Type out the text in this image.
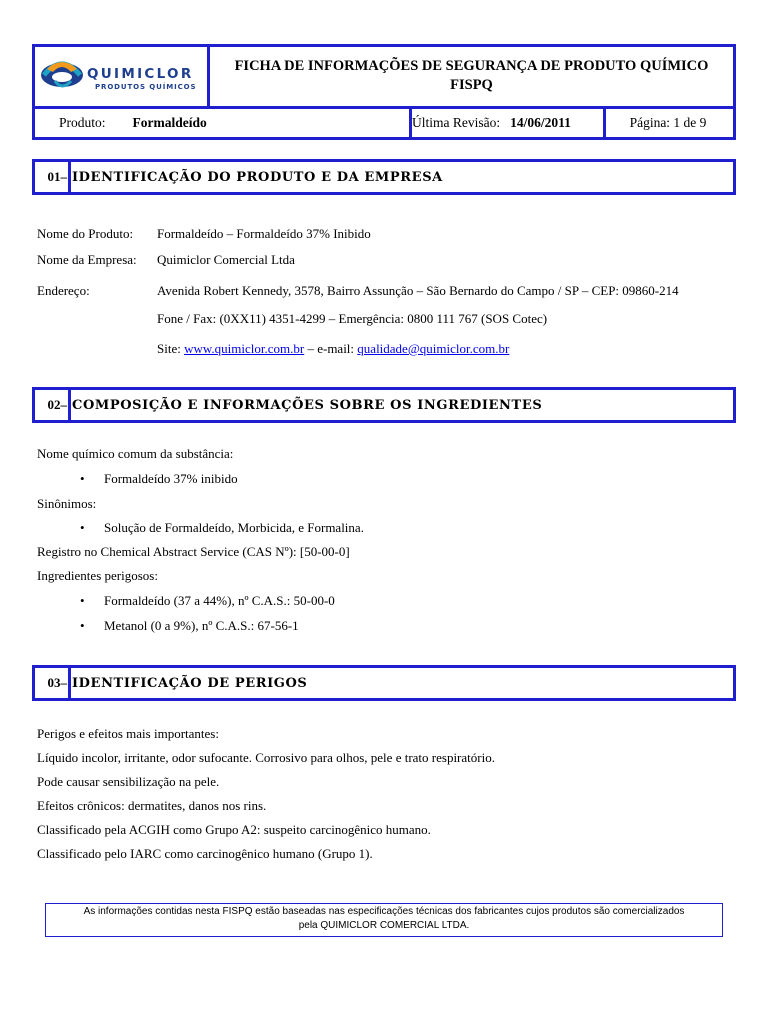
QUIMICLOR
PRODUTOS QUÍMICOS
FICHA DE INFORMAÇÕES DE SEGURANÇA DE PRODUTO QUÍMICO
FISPQ
Produto: Formaldeído	Última Revisão: 14/06/2011	Página: 1 de 9
01– IDENTIFICAÇÃO DO PRODUTO E DA EMPRESA
Nome do Produto: Formaldeído – Formaldeído 37% Inibido
Nome da Empresa: Quimiclor Comercial Ltda
Endereço:	Avenida Robert Kennedy, 3578, Bairro Assunção – São Bernardo do Campo / SP – CEP: 09860-214
Fone / Fax: (0XX11) 4351-4299 – Emergência: 0800 111 767 (SOS Cotec)
Site: www.quimiclor.com.br – e-mail: qualidade@quimiclor.com.br
02– COMPOSIÇÃO E INFORMAÇÕES SOBRE OS INGREDIENTES
Nome químico comum da substância:
• Formaldeído 37% inibido
Sinônimos:
• Solução de Formaldeído, Morbicida, e Formalina.
Registro no Chemical Abstract Service (CAS Nº): [50-00-0]
Ingredientes perigosos:
• Formaldeído (37 a 44%), nº C.A.S.: 50-00-0
• Metanol (0 a 9%), nº C.A.S.: 67-56-1
03– IDENTIFICAÇÃO DE PERIGOS
Perigos e efeitos mais importantes:
Líquido incolor, irritante, odor sufocante. Corrosivo para olhos, pele e trato respiratório.
Pode causar sensibilização na pele.
Efeitos crônicos: dermatites, danos nos rins.
Classificado pela ACGIH como Grupo A2: suspeito carcinogênico humano.
Classificado pelo IARC como carcinogênico humano (Grupo 1).
As informações contidas nesta FISPQ estão baseadas nas especificações técnicas dos fabricantes cujos produtos são comercializados
pela QUIMICLOR COMERCIAL LTDA.
